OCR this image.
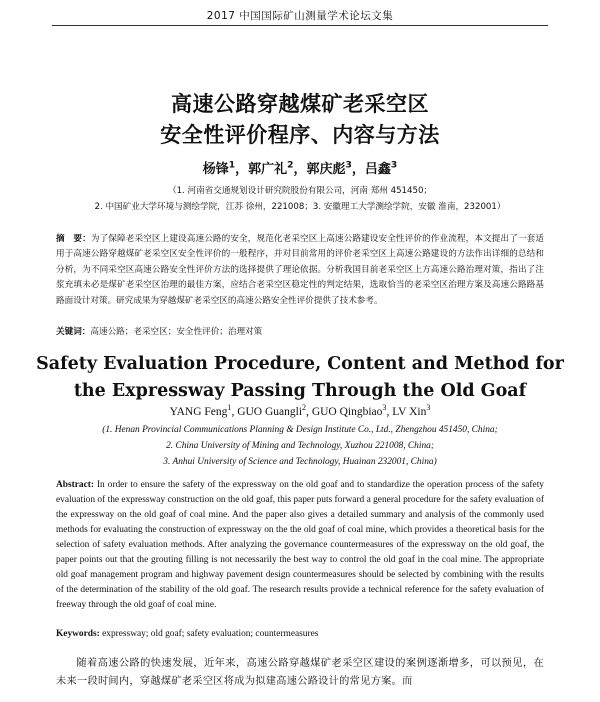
2017 中国国际矿山测量学术论坛文集
高速公路穿越煤矿老采空区
安全性评价程序、内容与方法
杨锋$^1$，郭广礼$^2$，郭庆彪$^3$，吕鑫$^3$
（1. 河南省交通规划设计研究院股份有限公司，河南 郑州 451450；
2. 中国矿业大学环境与测绘学院，江苏 徐州，221008；3. 安徽理工大学测绘学院，安徽 淮南，232001）
摘　要：为了保障老采空区上建设高速公路的安全，规范化老采空区上高速公路建设安全性评价的作业流程，本文提出了一套适用于高速公路穿越煤矿老采空区安全性评价的一般程序，并对目前常用的评价老采空区上高速公路建设的方法作出详细的总结和分析，为不同采空区高速公路安全性评价方法的选择提供了理论依据。分析我国目前老采空区上方高速公路治理对策，指出了注浆充填未必是煤矿老采空区治理的最佳方案，应结合老采空区稳定性的判定结果，选取恰当的老采空区治理方案及高速公路路基路面设计对策。研究成果为穿越煤矿老采空区的高速公路安全性评价提供了技术参考。
关键词：高速公路；老采空区；安全性评价；治理对策
Safety Evaluation Procedure, Content and Method for
the Expressway Passing Through the Old Goaf
YANG Feng$^1$, GUO Guangli$^2$, GUO Qingbiao$^3$, LV Xin$^3$
(1. Henan Provincial Communications Planning & Design Institute Co., Ltd., Zhengzhou 451450, China;
2. China University of Mining and Technology, Xuzhou 221008, China;
3. Anhui University of Science and Technology, Huainan 232001, China)
Abstract: In order to ensure the safety of the expressway on the old goaf and to standardize the operation process of the safety evaluation of the expressway construction on the old goaf, this paper puts forward a general procedure for the safety evaluation of the expressway on the old goaf of coal mine. And the paper also gives a detailed summary and analysis of the commonly used methods for evaluating the construction of expressway on the the old goaf of coal mine, which provides a theoretical basis for the selection of safety evaluation methods. After analyzing the governance countermeasures of the expressway on the old goaf, the paper points out that the grouting filling is not necessarily the best way to control the old goaf in the coal mine. The appropriate old goaf management program and highway pavement design countermeasures should be selected by combining with the results of the determination of the stability of the old goaf. The research results provide a technical reference for the safety evaluation of freeway through the old goaf of coal mine.
Keywords: expressway; old goaf; safety evaluation; countermeasures
随着高速公路的快速发展，近年来，高速公路穿越煤矿老采空区建设的案例逐渐增多，可以预见，在未来一段时间内，穿越煤矿老采空区将成为拟建高速公路设计的常见方案。而
